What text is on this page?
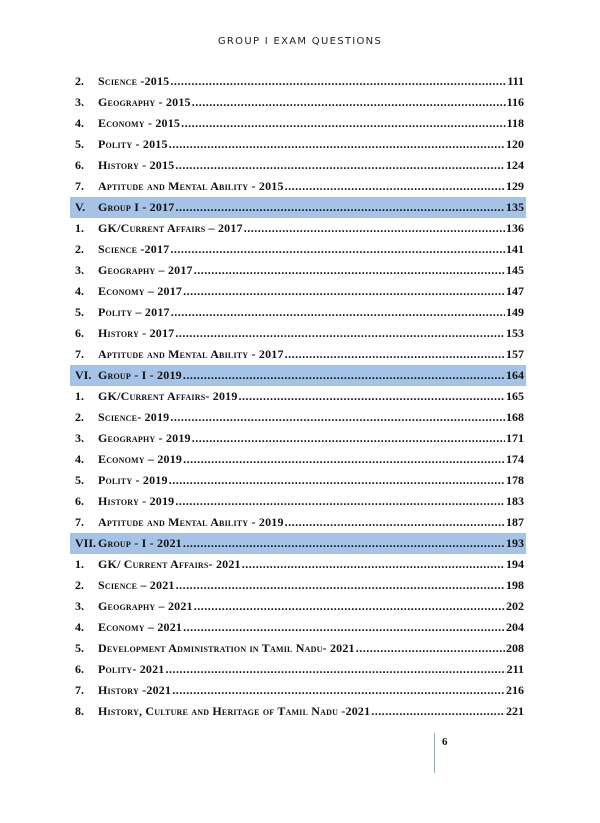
GROUP I EXAM QUESTIONS
2.	Science -2015 .....	111
3.	Geography - 2015 .....	116
4.	Economy - 2015 .....	118
5.	Polity - 2015 .....	120
6.	History - 2015 .....	124
7.	Aptitude and Mental Ability - 2015 .....	129
V.	Group I - 2017 .....	135
1.	GK/Current Affairs – 2017 .....	136
2.	Science -2017 .....	141
3.	Geography – 2017 .....	145
4.	Economy – 2017 .....	147
5.	Polity – 2017 .....	149
6.	History - 2017 .....	153
7.	Aptitude and Mental Ability - 2017 .....	157
VI. Group - I - 2019 .....	164
1.	GK/Current Affairs- 2019 .....	165
2.	Science- 2019 .....	168
3.	Geography - 2019 .....	171
4.	Economy – 2019 .....	174
5.	Polity - 2019 .....	178
6.	History - 2019 .....	183
7.	Aptitude and Mental Ability - 2019 .....	187
VII. Group - I - 2021 .....	193
1.	GK/ Current Affairs- 2021 .....	194
2.	Science – 2021 .....	198
3.	Geography – 2021 .....	202
4.	Economy – 2021 .....	204
5.	Development Administration in Tamil Nadu- 2021 .....	208
6.	Polity- 2021 .....	211
7.	History -2021 .....	216
8.	History, Culture and Heritage of Tamil Nadu -2021 .....	221
6
